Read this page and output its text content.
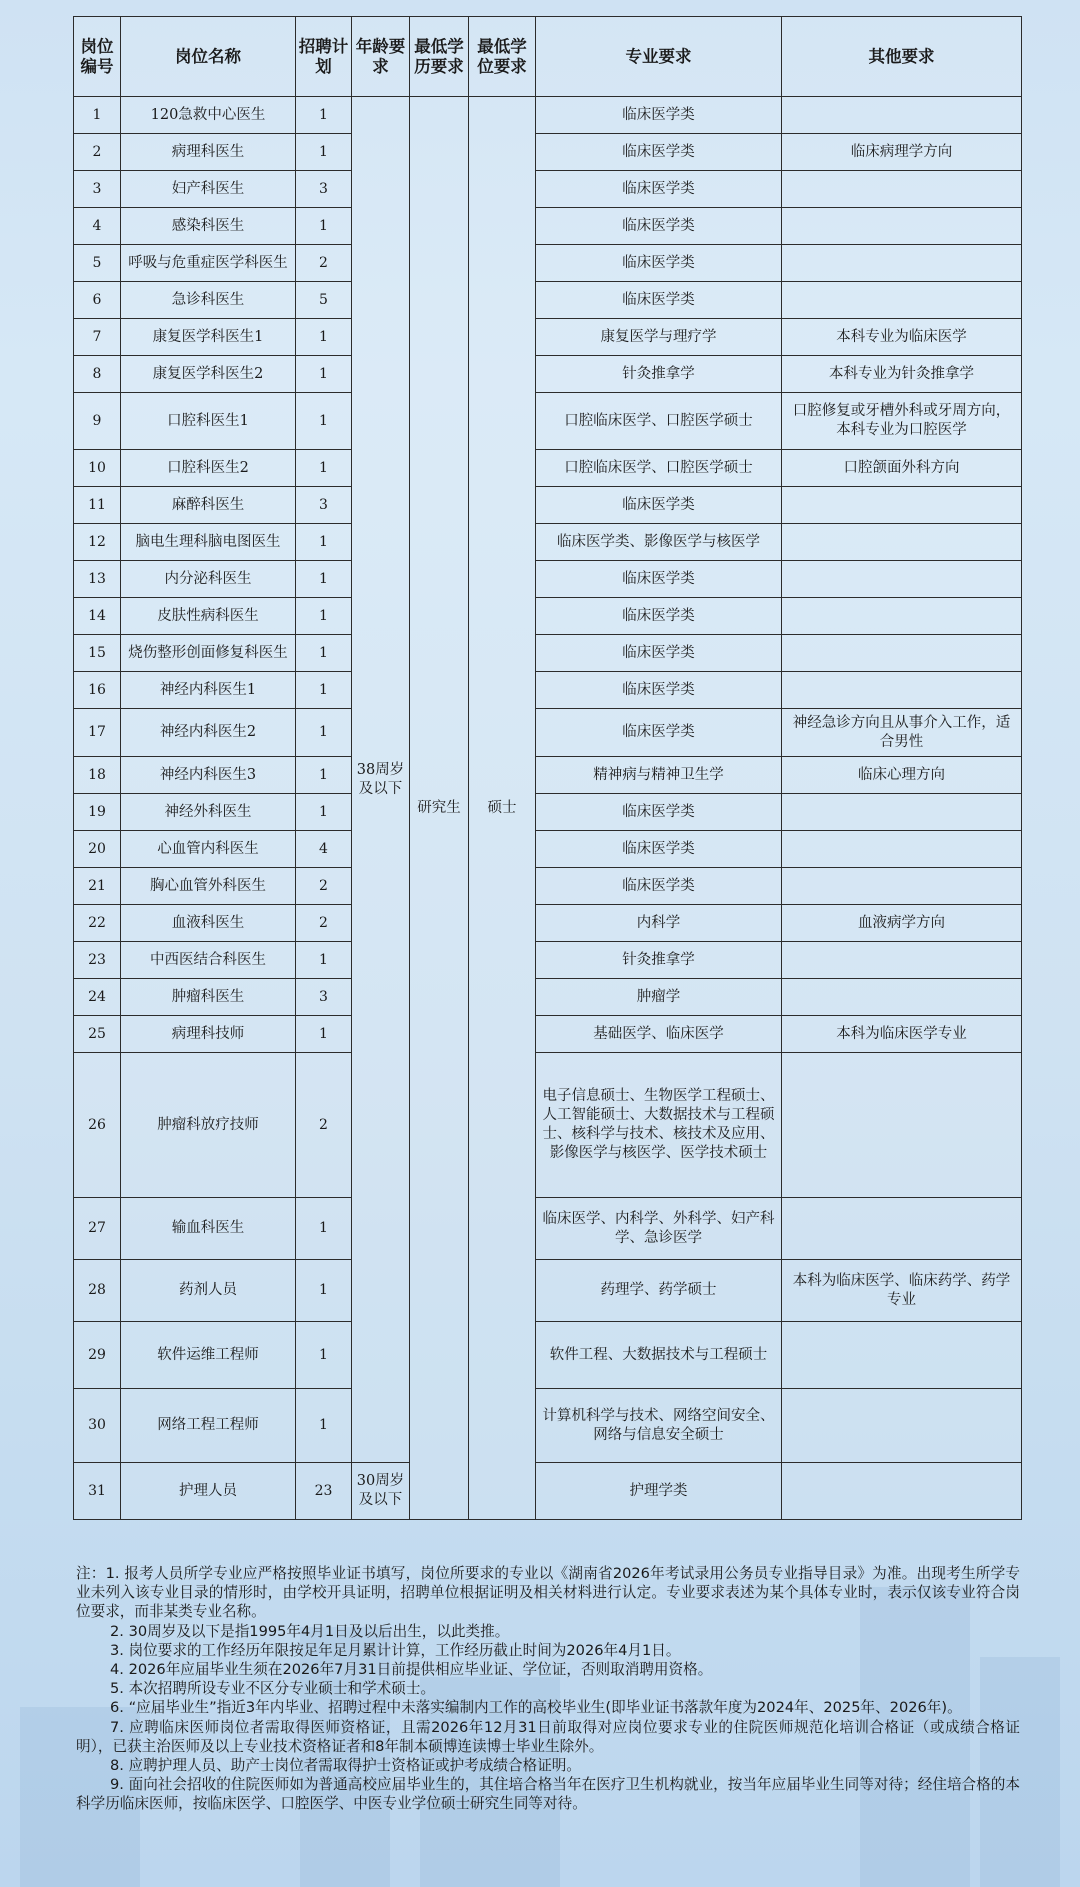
岗位编号	岗位名称	招聘计划	年龄要求	最低学历要求	最低学位要求	专业要求	其他要求
1	120急救中心医生	1	38周岁及以下	研究生	硕士	临床医学类	
2	病理科医生	1				临床医学类	临床病理学方向
3	妇产科医生	3				临床医学类	
4	感染科医生	1				临床医学类	
5	呼吸与危重症医学科医生	2				临床医学类	
6	急诊科医生	5				临床医学类	
7	康复医学科医生1	1				康复医学与理疗学	本科专业为临床医学
8	康复医学科医生2	1				针灸推拿学	本科专业为针灸推拿学
9	口腔科医生1	1				口腔临床医学、口腔医学硕士	口腔修复或牙槽外科或牙周方向，本科专业为口腔医学
10	口腔科医生2	1				口腔临床医学、口腔医学硕士	口腔颌面外科方向
11	麻醉科医生	3				临床医学类	
12	脑电生理科脑电图医生	1				临床医学类、影像医学与核医学	
13	内分泌科医生	1				临床医学类	
14	皮肤性病科医生	1				临床医学类	
15	烧伤整形创面修复科医生	1				临床医学类	
16	神经内科医生1	1				临床医学类	
17	神经内科医生2	1				临床医学类	神经急诊方向且从事介入工作，适合男性
18	神经内科医生3	1				精神病与精神卫生学	临床心理方向
19	神经外科医生	1				临床医学类	
20	心血管内科医生	4				临床医学类	
21	胸心血管外科医生	2				临床医学类	
22	血液科医生	2				内科学	血液病学方向
23	中西医结合科医生	1				针灸推拿学	
24	肿瘤科医生	3				肿瘤学	
25	病理科技师	1				基础医学、临床医学	本科为临床医学专业
26	肿瘤科放疗技师	2				电子信息硕士、生物医学工程硕士、人工智能硕士、大数据技术与工程硕士、核科学与技术、核技术及应用、影像医学与核医学、医学技术硕士	
27	输血科医生	1				临床医学、内科学、外科学、妇产科学、急诊医学	
28	药剂人员	1				药理学、药学硕士	本科为临床医学、临床药学、药学专业
29	软件运维工程师	1				软件工程、大数据技术与工程硕士	
30	网络工程工程师	1				计算机科学与技术、网络空间安全、网络与信息安全硕士	
31	护理人员	23	30周岁及以下			护理学类	

注：1. 报考人员所学专业应严格按照毕业证书填写，岗位所要求的专业以《湖南省2026年考试录用公务员专业指导目录》为准。出现考生所学专业未列入该专业目录的情形时，由学校开具证明，招聘单位根据证明及相关材料进行认定。专业要求表述为某个具体专业时，表示仅该专业符合岗位要求，而非某类专业名称。

2. 30周岁及以下是指1995年4月1日及以后出生，以此类推。

3. 岗位要求的工作经历年限按足年足月累计计算，工作经历截止时间为2026年4月1日。

4. 2026年应届毕业生须在2026年7月31日前提供相应毕业证、学位证，否则取消聘用资格。

5. 本次招聘所设专业不区分专业硕士和学术硕士。

6. “应届毕业生”指近3年内毕业、招聘过程中未落实编制内工作的高校毕业生(即毕业证书落款年度为2024年、2025年、2026年)。

7. 应聘临床医师岗位者需取得医师资格证，且需2026年12月31日前取得对应岗位要求专业的住院医师规范化培训合格证（或成绩合格证明），已获主治医师及以上专业技术资格证者和8年制本硕博连读博士毕业生除外。

8. 应聘护理人员、助产士岗位者需取得护士资格证或护考成绩合格证明。

9. 面向社会招收的住院医师如为普通高校应届毕业生的，其住培合格当年在医疗卫生机构就业，按当年应届毕业生同等对待；经住培合格的本科学历临床医师，按临床医学、口腔医学、中医专业学位硕士研究生同等对待。
